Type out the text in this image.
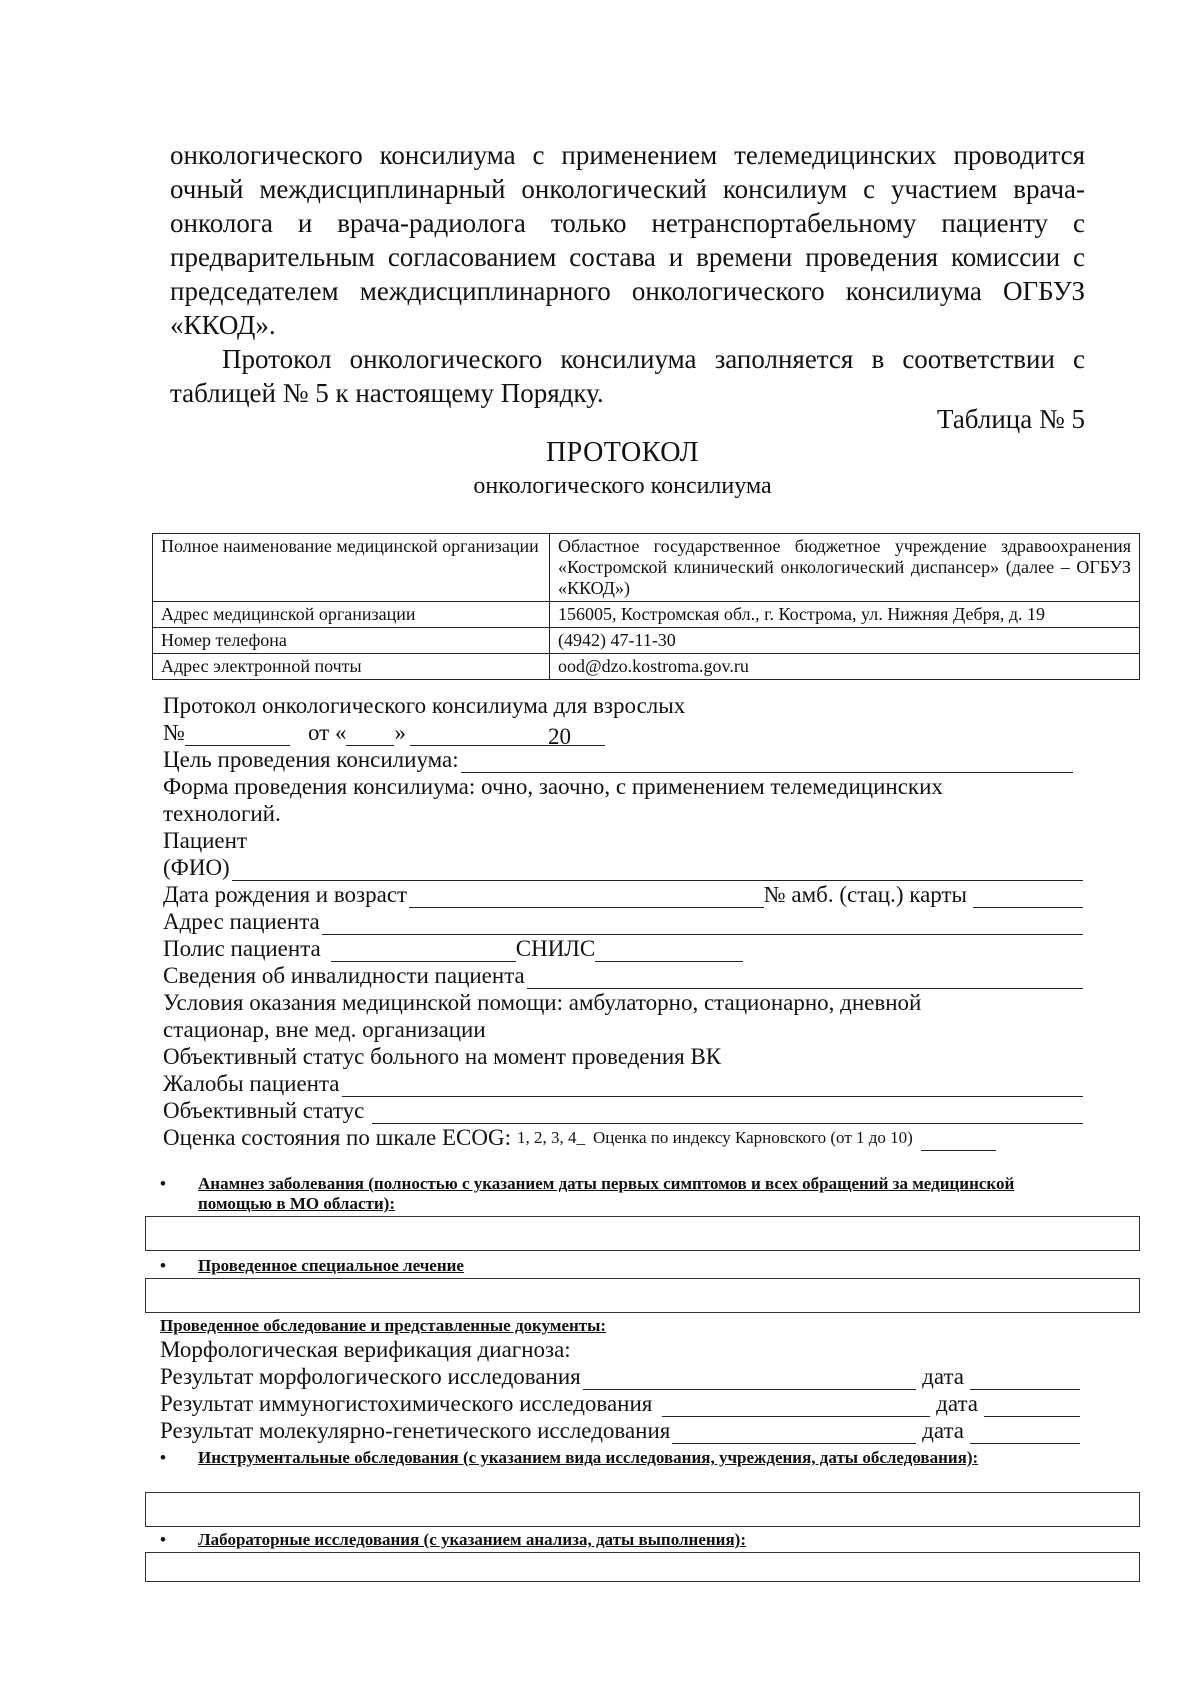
онкологического консилиума с применением телемедицинских проводится очный междисциплинарный онкологический консилиум с участием врача-онколога и врача-радиолога только нетранспортабельному пациенту с предварительным согласованием состава и времени проведения комиссии с председателем междисциплинарного онкологического консилиума ОГБУЗ «ККОД».

Протокол онкологического консилиума заполняется в соответствии с таблицей № 5 к настоящему Порядку.

Таблица № 5
ПРОТОКОЛ
онкологического консилиума
Полное наименование медицинской организации	Областное государственное бюджетное учреждение здравоохранения «Костромской клинический онкологический диспансер» (далее – ОГБУЗ «ККОД»)
Адрес медицинской организации	156005, Костромская обл., г. Кострома, ул. Нижняя Дебря, д. 19
Номер телефона	(4942) 47-11-30
Адрес электронной почты	ood@dzo.kostroma.gov.ru
Протокол онкологического консилиума для взрослых
№	от « »	20
Цель проведения консилиума:
Форма проведения консилиума: очно, заочно, с применением телемедицинских
технологий.
Пациент
(ФИО)
Дата рождения и возраст	№ амб. (стац.) карты
Адрес пациента
Полис пациента	СНИЛС
Сведения об инвалидности пациента
Условия оказания медицинской помощи: амбулаторно, стационарно, дневной
стационар, вне мед. организации
Объективный статус больного на момент проведения ВК
Жалобы пациента
Объективный статус
Оценка состояния по шкале ECOG: 1, 2, 3, 4_ Оценка по индексу Карновского (от 1 до 10)
• Анамнез заболевания (полностью с указанием даты первых симптомов и всех обращений за медицинской помощью в МО области):
• Проведенное специальное лечение
Проведенное обследование и представленные документы:
Морфологическая верификация диагноза:
Результат морфологического исследования	дата
Результат иммуногистохимического исследования	дата
Результат молекулярно-генетического исследования	дата
• Инструментальные обследования (с указанием вида исследования, учреждения, даты обследования):
• Лабораторные исследования (с указанием анализа, даты выполнения):
